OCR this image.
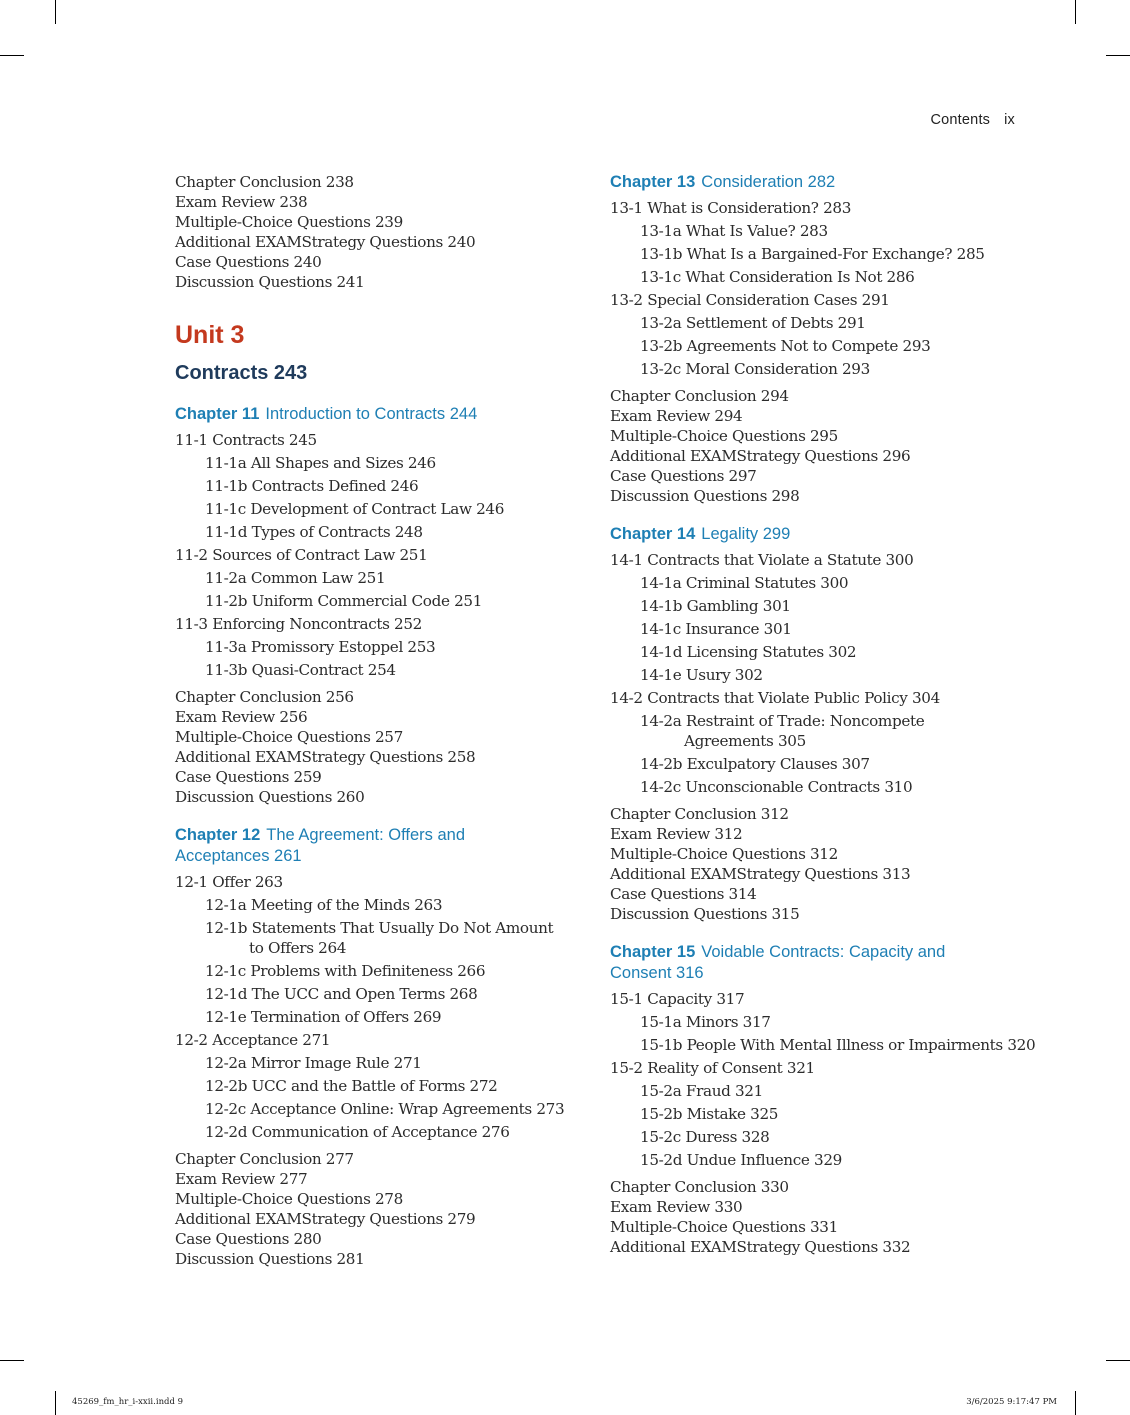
Contents ix
Chapter Conclusion 238
Exam Review 238
Multiple-Choice Questions 239
Additional EXAMStrategy Questions 240
Case Questions 240
Discussion Questions 241
Unit 3
Contracts 243
Chapter 11 Introduction to Contracts 244
11-1 Contracts 245
11-1a All Shapes and Sizes 246
11-1b Contracts Defined 246
11-1c Development of Contract Law 246
11-1d Types of Contracts 248
11-2 Sources of Contract Law 251
11-2a Common Law 251
11-2b Uniform Commercial Code 251
11-3 Enforcing Noncontracts 252
11-3a Promissory Estoppel 253
11-3b Quasi-Contract 254
Chapter Conclusion 256
Exam Review 256
Multiple-Choice Questions 257
Additional EXAMStrategy Questions 258
Case Questions 259
Discussion Questions 260
Chapter 12 The Agreement: Offers and
Acceptances 261
12-1 Offer 263
12-1a Meeting of the Minds 263
12-1b Statements That Usually Do Not Amount
to Offers 264
12-1c Problems with Definiteness 266
12-1d The UCC and Open Terms 268
12-1e Termination of Offers 269
12-2 Acceptance 271
12-2a Mirror Image Rule 271
12-2b UCC and the Battle of Forms 272
12-2c Acceptance Online: Wrap Agreements 273
12-2d Communication of Acceptance 276
Chapter Conclusion 277
Exam Review 277
Multiple-Choice Questions 278
Additional EXAMStrategy Questions 279
Case Questions 280
Discussion Questions 281
Chapter 13 Consideration 282
13-1 What is Consideration? 283
13-1a What Is Value? 283
13-1b What Is a Bargained-For Exchange? 285
13-1c What Consideration Is Not 286
13-2 Special Consideration Cases 291
13-2a Settlement of Debts 291
13-2b Agreements Not to Compete 293
13-2c Moral Consideration 293
Chapter Conclusion 294
Exam Review 294
Multiple-Choice Questions 295
Additional EXAMStrategy Questions 296
Case Questions 297
Discussion Questions 298
Chapter 14 Legality 299
14-1 Contracts that Violate a Statute 300
14-1a Criminal Statutes 300
14-1b Gambling 301
14-1c Insurance 301
14-1d Licensing Statutes 302
14-1e Usury 302
14-2 Contracts that Violate Public Policy 304
14-2a Restraint of Trade: Noncompete
Agreements 305
14-2b Exculpatory Clauses 307
14-2c Unconscionable Contracts 310
Chapter Conclusion 312
Exam Review 312
Multiple-Choice Questions 312
Additional EXAMStrategy Questions 313
Case Questions 314
Discussion Questions 315
Chapter 15 Voidable Contracts: Capacity and
Consent 316
15-1 Capacity 317
15-1a Minors 317
15-1b People With Mental Illness or Impairments 320
15-2 Reality of Consent 321
15-2a Fraud 321
15-2b Mistake 325
15-2c Duress 328
15-2d Undue Influence 329
Chapter Conclusion 330
Exam Review 330
Multiple-Choice Questions 331
Additional EXAMStrategy Questions 332
45269_fm_hr_i-xxii.indd 9	3/6/2025 9:17:47 PM
